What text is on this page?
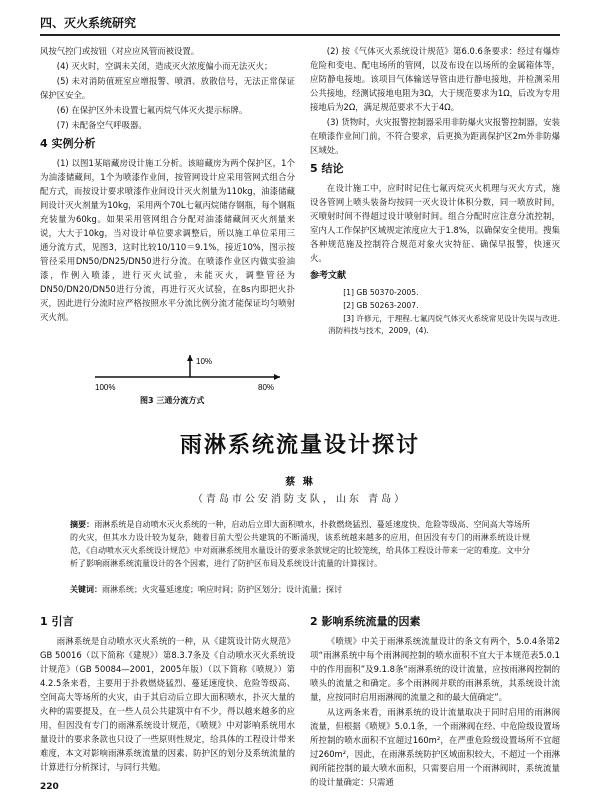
四、灭火系统研究

风按气控门或按钮（对应应风管而被设置。

(4) 灭火时，空调未关闭，造成灭火浓度偏小而无法灭火；

(5) 未对消防值班室应增报警、喷洒、放散信号，无法正常保证保护区安全。

(6) 在保护区外未设置七氟丙烷气体灭火提示标牌。

(7) 未配备空气呼吸器。

4 实例分析

(1) 以图1某暗藏房设计施工分析。该暗藏房为两个保护区，1个为油漆储藏间，1个为喷漆作业间，按管网设计应采用管网式组合分配方式，而按设计要求喷漆作业间设计灭火剂量为110kg，油漆储藏间设计灭火剂量为10kg，采用两个70L七氟丙烷储存钢瓶，每个钢瓶充装量为60kg。如果采用管网组合分配对油漆储藏间灭火剂量来说，大大于10kg，当对设计单位要求调整后，所以施工单位采用三通分流方式，见图3，这时比较10/110＝9.1%，接近10%，图示按管径采用DN50/DN25/DN50进行分流。在喷漆作业区内做实验油漆，作例入喷漆，进行灭火试验，未能灭火，调整管径为DN50/DN20/DN50进行分流，再进行灭火试验，在8s内即把火扑灭，因此进行分流时应严格按照水平分流比例分流才能保证均匀喷射灭火剂。

10%
100%	80%
图3 三通分流方式

(2) 按《气体灭火系统设计规范》第6.0.6条要求：经过有爆炸危险和变电、配电场所的管网，以及布设在以场所的金属箱体等，应防静电接地。该项目气体输送导管由进行静电接地，并检测采用公共接地，经测试接地电阻为3Ω，大于规范要求为1Ω，后改为专用接地后为2Ω，满足规范要求不大于4Ω。

(3) 货物时，火灾报警控制器采用非防爆火灾报警控制器，安装在喷漆作业间门前，不符合要求，后更换为距离保护区2m外非防爆区域处。

5 结论

在设计施工中，应时时记住七氟丙烷灭火机理与灭火方式，施设各管网上喷头装备均按同一灭火设计体积分数，同一喷放时间，灭喷射时间不得超过设计喷射时间。组合分配时应注意分流控制，室内人工作保护区域规定浓度应大于1.8%，以确保安全使用。搜集各种规范施及控制符合规范对象火灾特征、确保早报警，快速灭火。

参考文献

[1] GB 50370-2005.

[2] GB 50263-2007.

[3] 许修元，于理程.七氟丙烷气体灭火系统常见设计失误与改进.消防科技与技术，2009，(4).

雨淋系统流量设计探讨
蔡 琳
（青岛市公安消防支队，山东 青岛）
摘要：雨淋系统是自动喷水灭火系统的一种，启动后立即大面积喷水，扑救燃烧猛烈、蔓延速度快、危险等级高、空间高大等场所的火灾，但其水力设计较为复杂，随着目前大型公共建筑的不断涌现，该系统越来越多的应用，但因没有专门的雨淋系统设计规范，《自动喷水灭火系统设计规范》中对雨淋系统用水量设计的要求条款规定的比较笼统，给具体工程设计带来一定的难度。文中分析了影响雨淋系统流量设计的各个因素，进行了防护区布局及系统设计流量的计算探讨。
关键词：雨淋系统；火灾蔓延速度；响应时间；防护区划分；设计流量；探讨
1 引言

雨淋系统是自动喷水灭火系统的一种，从《建筑设计防火规范》GB 50016（以下简称《建规》）第8.3.7条及《自动喷水灭火系统设计规范》（GB 50084—2001，2005年版）（以下简称《喷规》）第4.2.5条来看，主要用于扑救燃烧猛烈、蔓延速度快、危险等级高、空间高大等场所的火灾，由于其启动后立即大面积喷水，扑灭大量的火种的需要提及，在一些人员公共建筑中有不少，得以越来越多的应用，但因没有专门的雨淋系统设计规范，《喷规》中对影响系统用水量设计的要求条款也只设了一些原则性规定，给具体的工程设计带来难度，本文对影响雨淋系统流量的因素、防护区的划分及系统流量的计算进行分析探讨，与同行共勉。

2 影响系统流量的因素

《喷规》中关于雨淋系统流量设计的条文有两个，5.0.4条第2项“雨淋系统中每个雨淋阀控制的喷水面积不宜大于本规范表5.0.1中的作用面积”及9.1.8条“雨淋系统的设计流量，应按雨淋阀控制的喷头的流量之和确定。多个雨淋阀并联的雨淋系统，其系统设计流量，应按同时启用雨淋阀的流量之和的最大值确定”。

从这两条来看，雨淋系统的设计流量取决于同时启用的雨淋阀流量，但根据《喷规》5.0.1条，一个雨淋阀在经、中危险级设置场所控制的喷水面积不宜超过160m²，在严重危险级设置场所不宜超过260m²，因此，在雨淋系统防护区域面积较大，不超过一个雨淋阀所能控制的最大喷水面积，只需要启用一个雨淋阀时，系统流量的设计量确定：只需通

220
